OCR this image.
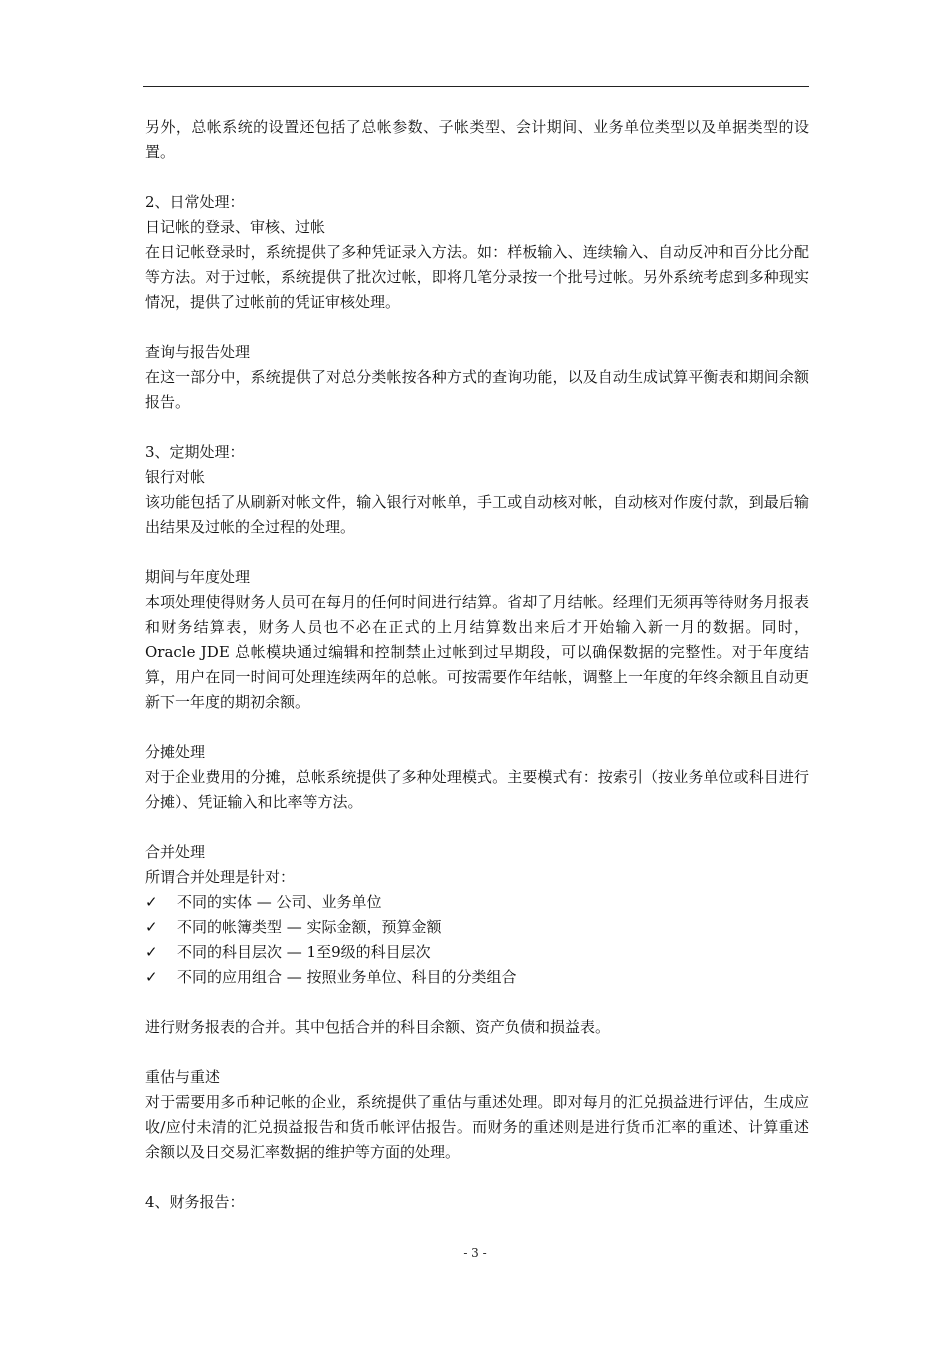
另外，总帐系统的设置还包括了总帐参数、子帐类型、会计期间、业务单位类型以及单据类型的设置。

2、日常处理：

日记帐的登录、审核、过帐

在日记帐登录时，系统提供了多种凭证录入方法。如：样板输入、连续输入、自动反冲和百分比分配等方法。对于过帐，系统提供了批次过帐，即将几笔分录按一个批号过帐。另外系统考虑到多种现实情况，提供了过帐前的凭证审核处理。

查询与报告处理

在这一部分中，系统提供了对总分类帐按各种方式的查询功能，以及自动生成试算平衡表和期间余额报告。

3、定期处理：

银行对帐

该功能包括了从刷新对帐文件，输入银行对帐单，手工或自动核对帐，自动核对作废付款，到最后输出结果及过帐的全过程的处理。

期间与年度处理

本项处理使得财务人员可在每月的任何时间进行结算。省却了月结帐。经理们无须再等待财务月报表和财务结算表，财务人员也不必在正式的上月结算数出来后才开始输入新一月的数据。同时，Oracle JDE 总帐模块通过编辑和控制禁止过帐到过早期段，可以确保数据的完整性。对于年度结算，用户在同一时间可处理连续两年的总帐。可按需要作年结帐，调整上一年度的年终余额且自动更新下一年度的期初余额。

分摊处理

对于企业费用的分摊，总帐系统提供了多种处理模式。主要模式有：按索引（按业务单位或科目进行分摊）、凭证输入和比率等方法。

合并处理

所谓合并处理是针对：

✓	不同的实体 — 公司、业务单位
✓	不同的帐簿类型 — 实际金额，预算金额
✓	不同的科目层次 — 1至9级的科目层次
✓	不同的应用组合 — 按照业务单位、科目的分类组合

进行财务报表的合并。其中包括合并的科目余额、资产负债和损益表。

重估与重述

对于需要用多币种记帐的企业，系统提供了重估与重述处理。即对每月的汇兑损益进行评估，生成应收/应付未清的汇兑损益报告和货币帐评估报告。而财务的重述则是进行货币汇率的重述、计算重述余额以及日交易汇率数据的维护等方面的处理。

4、财务报告：

- 3 -
